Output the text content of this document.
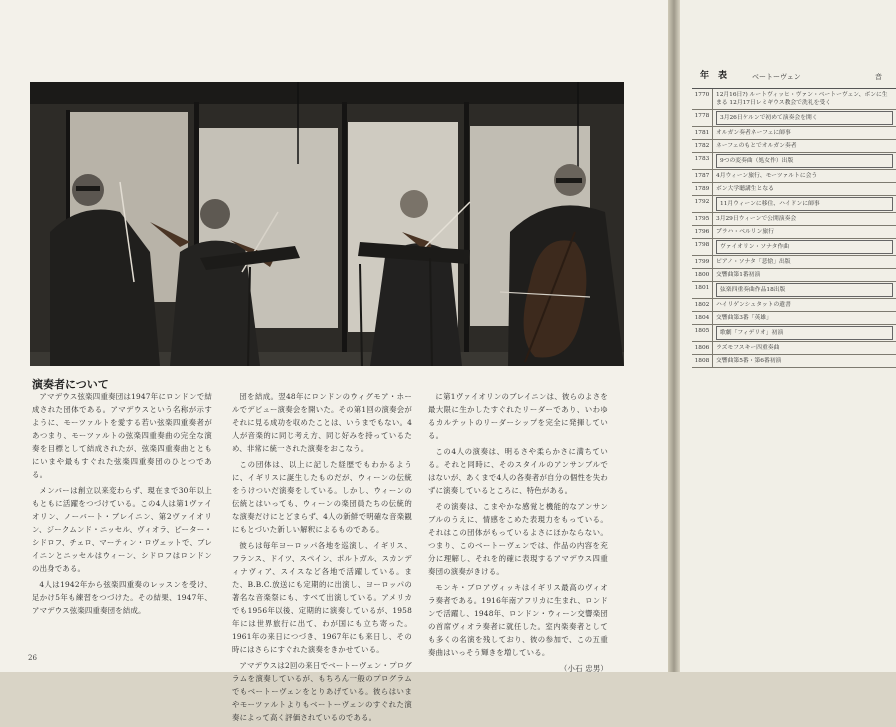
演奏者について

アマデウス弦楽四重奏団は1947年にロンドンで結成された団体である。アマデウスという名称が示すように、モーツァルトを愛する若い弦楽四重奏者があつまり、モーツァルトの弦楽四重奏曲の完全な演奏を目標として結成されたが、弦楽四重奏曲とともにいまや最もすぐれた弦楽四重奏団のひとつである。

メンバーは創立以来変わらず、現在まで30年以上もともに活躍をつづけている。この4人は第1ヴァイオリン、ノーバート・ブレイニン、第2ヴァイオリン、ジークムンド・ニッセル、ヴィオラ、ピーター・シドロフ、チェロ、マーティン・ロヴェットで、ブレイニンとニッセルはウィーン、シドロフはロンドンの出身である。

4人は1942年から弦楽四重奏のレッスンを受け、足かけ5年も練習をつづけた。その結果、1947年、アマデウス弦楽四重奏団を結成。

団を結成。翌48年にロンドンのウィグモア・ホールでデビュー演奏会を開いた。その第1回の演奏会がそれに見る成功を収めたことは、いうまでもない。4人が音楽的に同じ考え方、同じ好みを持っているため、非常に統一された演奏をおこなう。

この団体は、以上に記した経歴でもわかるように、イギリスに誕生したものだが、ウィーンの伝統をうけついだ演奏をしている。しかし、ウィーンの伝統とはいっても、ウィーンの楽団員たちの伝統的な演奏だけにとどまらず、4人の新鮮で明確な音楽観にもとづいた新しい解釈によるものである。

彼らは毎年ヨーロッパ各地を巡演し、イギリス、フランス、ドイツ、スペイン、ポルトガル、スカンディナヴィア、スイスなど各地で活躍している。また、B.B.C.放送にも定期的に出演し、ヨーロッパの著名な音楽祭にも、すべて出演している。アメリカでも1956年以後、定期的に演奏しているが、1958年には世界旅行に出て、わが国にも立ち寄った。1961年の来日につづき、1967年にも来日し、その時にはさらにすぐれた演奏をきかせている。

アマデウスは2回の来日でベートーヴェン・プログラムを演奏しているが、もちろん一般のプログラムでもベートーヴェンをとりあげている。彼らはいまやモーツァルトよりもベートーヴェンのすぐれた演奏によって高く評価されているのである。

に第1ヴァイオリンのブレイニンは、彼らのよさを最大限に生かしたすぐれたリーダーであり、いわゆるカルテットのリーダーシップを完全に発揮している。

この4人の演奏は、明るさや柔らかさに満ちている。それと同時に、そのスタイルのアンサンブルではないが、あくまで4人の各奏者が自分の個性を失わずに演奏しているところに、特色がある。

その演奏は、こまやかな感覚と機能的なアンサンブルのうえに、情感をこめた表現力をもっている。それはこの団体がもっているよさにほかならない。つまり、このベートーヴェンでは、作品の内容を充分に理解し、それを的確に表現するアマデウス四重奏団の演奏がきける。

モンキ・ブロアヴィッキはイギリス最高のヴィオラ奏者である。1916年南アフリカに生まれ、ロンドンで活躍し、1948年、ロンドン・ウィーン交響楽団の首席ヴィオラ奏者に就任した。室内楽奏者としても多くの名演を残しており、彼の参加で、この五重奏曲はいっそう輝きを増している。

（小石 忠男）

26
年　表	ベートーヴェン	音
1770	12月16日?) ルートヴィッヒ・ヴァン・ベートーヴェン、ボンに生まる 12月17日レミギウス教会で洗礼を受く
1778	3月26日ケルンで初めて演奏会を開く
1781	オルガン奏者ネーフェに師事
1782	ネーフェのもとでオルガン奏者
1783	9つの変奏曲（処女作）出版
1787	4月ウィーン旅行、モーツァルトに会う
1789	ボン大学聴講生となる
1792	11月ウィーンに移住、ハイドンに師事
1795	3月29日ウィーンで公開演奏会
1796	プラハ・ベルリン旅行
1798	ヴァイオリン・ソナタ作曲
1799	ピアノ・ソナタ「悲愴」出版
1800	交響曲第1番初演
1801	弦楽四重奏曲作品18出版
1802	ハイリゲンシュタットの遺書
1804	交響曲第3番「英雄」
1805	歌劇「フィデリオ」初演
1806	ラズモフスキー四重奏曲
1808	交響曲第5番・第6番初演
